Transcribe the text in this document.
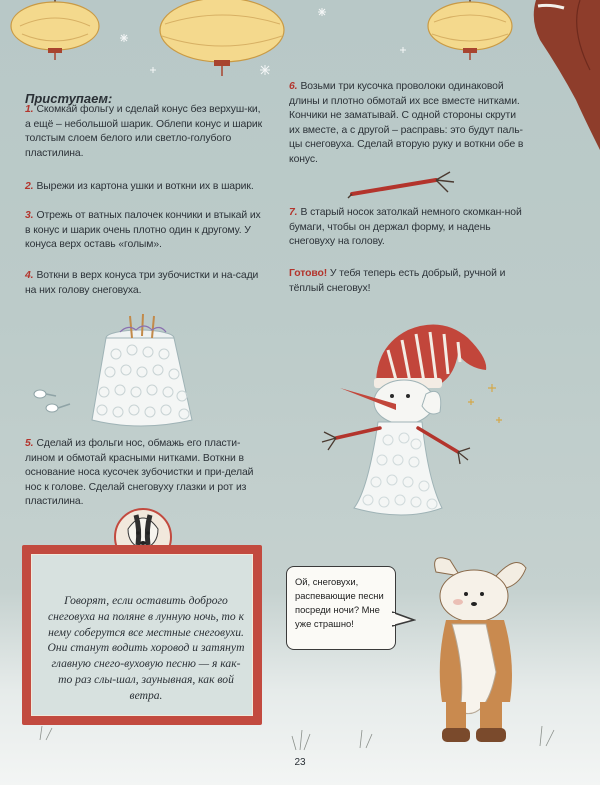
Приступаем:
1. Скомкай фольгу и сделай конус без верхуш-ки, а ещё – небольшой шарик. Облепи конус и шарик толстым слоем белого или светло-голубого пластилина.
2. Вырежи из картона ушки и воткни их в шарик.
3. Отрежь от ватных палочек кончики и втыкай их в конус и шарик очень плотно один к другому. У конуса верх оставь «голым».
4. Воткни в верх конуса три зубочистки и на-сади на них голову снеговуха.
5. Сделай из фольги нос, обмажь его пласти-лином и обмотай красными нитками. Воткни в основание носа кусочек зубочистки и при-делай нос к голове. Сделай снеговуху глазки и рот из пластилина.
6. Возьми три кусочка проволоки одинаковой длины и плотно обмотай их все вместе нитками. Кончики не заматывай. С одной стороны скрути их вместе, а с другой – расправь: это будут паль-цы снеговуха. Сделай вторую руку и воткни обе в конус.
7. В старый носок затолкай немного скомкан-ной бумаги, чтобы он держал форму, и надень снеговуху на голову.
Готово! У тебя теперь есть добрый, ручной и тёплый снеговух!
Говорят, если оставить доброго снеговуха на поляне в лунную ночь, то к нему соберутся все местные снеговухи. Они станут водить хоровод и затянут главную снего-вуховую песню — я как-то раз слы-шал, заунывная, как вой ветра.
Ой, снеговухи, распевающие песни посреди ночи? Мне уже страшно!
23
